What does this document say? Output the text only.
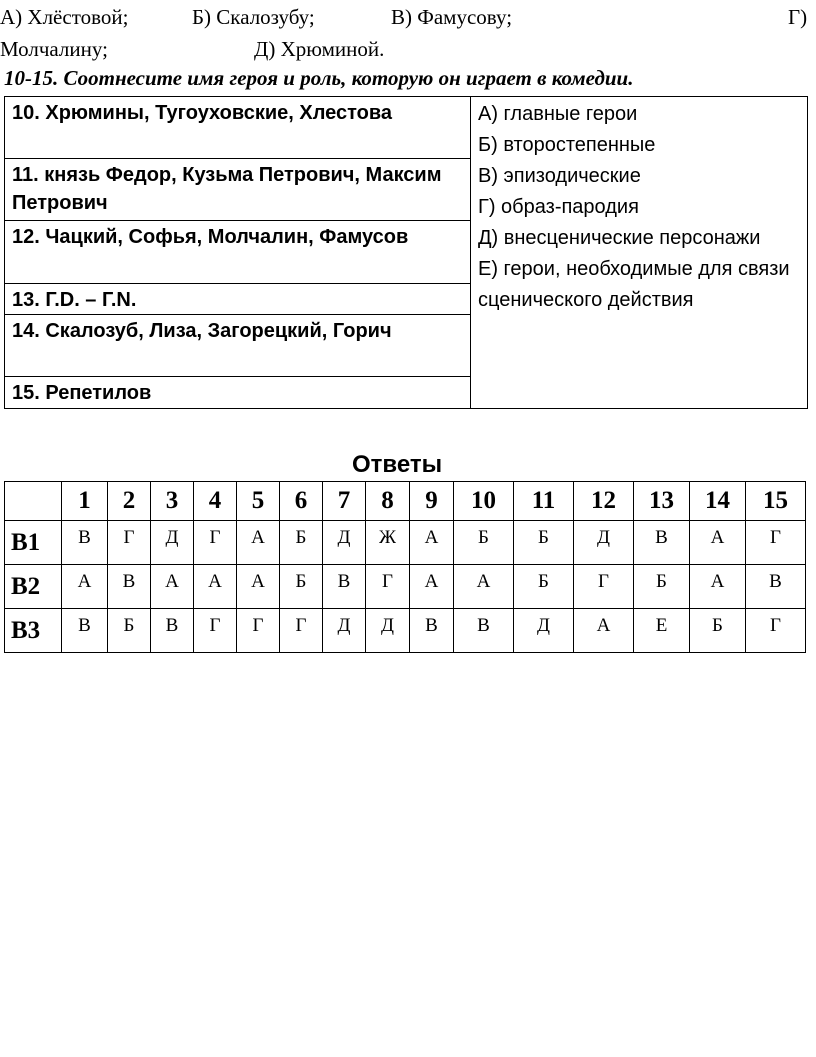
А) Хлёстовой;	Б) Скалозубу;	В) Фамусову;	Г)
Молчалину;	Д) Хрюминой.
10-15. Соотнесите имя героя и роль, которую он играет в комедии.
10. Хрюмины, Тугоуховские, Хлестова	А) главные герои
Б) второстепенные
В) эпизодические
Г) образ-пародия
Д) внесценические персонажи
Е) герои, необходимые для связи сценического действия

11. князь Федор, Кузьма Петрович, Максим Петрович
12. Чацкий, Софья, Молчалин, Фамусов
13. Г.D. – Г.N.
14. Скалозуб, Лиза, Загорецкий, Горич
15. Репетилов
Ответы
	1	2	3	4	5	6	7	8	9	10	11	12	13	14	15
В1	В	Г	Д	Г	А	Б	Д	Ж	А	Б	Б	Д	В	А	Г
В2	А	В	А	А	А	Б	В	Г	А	А	Б	Г	Б	А	В
В3	В	Б	В	Г	Г	Г	Д	Д	В	В	Д	А	Е	Б	Г
